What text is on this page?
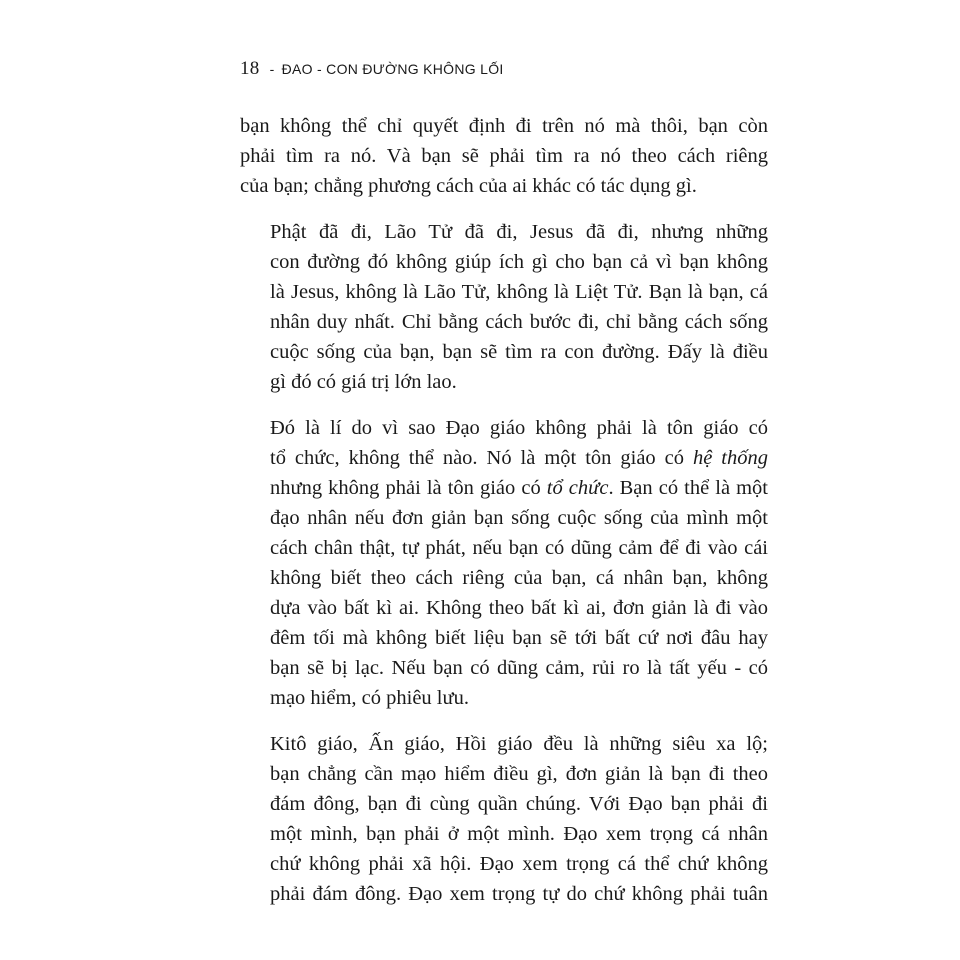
18 - ĐAO - CON ĐƯỜNG KHÔNG LỐI

bạn không thể chỉ quyết định đi trên nó mà thôi, bạn còn
phải tìm ra nó. Và bạn sẽ phải tìm ra nó theo cách riêng
của bạn; chẳng phương cách của ai khác có tác dụng gì.

Phật đã đi, Lão Tử đã đi, Jesus đã đi, nhưng những
con đường đó không giúp ích gì cho bạn cả vì bạn không
là Jesus, không là Lão Tử, không là Liệt Tử. Bạn là bạn, cá
nhân duy nhất. Chỉ bằng cách bước đi, chỉ bằng cách sống
cuộc sống của bạn, bạn sẽ tìm ra con đường. Đấy là điều
gì đó có giá trị lớn lao.

Đó là lí do vì sao Đạo giáo không phải là tôn giáo có
tổ chức, không thể nào. Nó là một tôn giáo có hệ thống
nhưng không phải là tôn giáo có tổ chức. Bạn có thể là một
đạo nhân nếu đơn giản bạn sống cuộc sống của mình một
cách chân thật, tự phát, nếu bạn có dũng cảm để đi vào cái
không biết theo cách riêng của bạn, cá nhân bạn, không
dựa vào bất kì ai. Không theo bất kì ai, đơn giản là đi vào
đêm tối mà không biết liệu bạn sẽ tới bất cứ nơi đâu hay
bạn sẽ bị lạc. Nếu bạn có dũng cảm, rủi ro là tất yếu - có
mạo hiểm, có phiêu lưu.

Kitô giáo, Ấn giáo, Hồi giáo đều là những siêu xa lộ;
bạn chẳng cần mạo hiểm điều gì, đơn giản là bạn đi theo
đám đông, bạn đi cùng quần chúng. Với Đạo bạn phải đi
một mình, bạn phải ở một mình. Đạo xem trọng cá nhân
chứ không phải xã hội. Đạo xem trọng cá thể chứ không
phải đám đông. Đạo xem trọng tự do chứ không phải tuân
